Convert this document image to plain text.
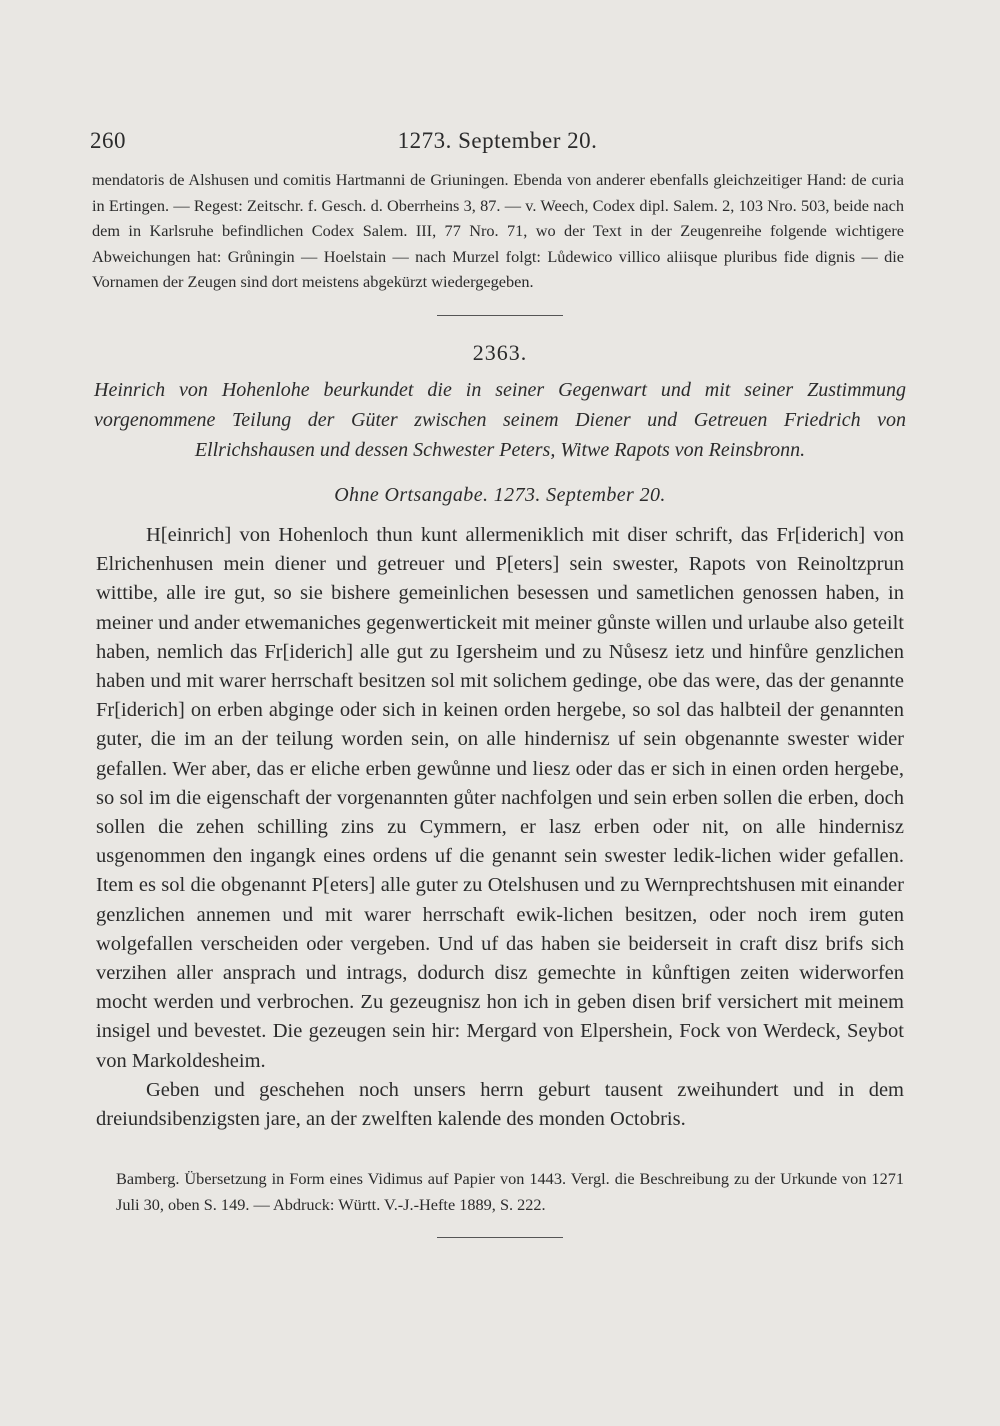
260	1273. September 20.

mendatoris de Alshusen und comitis Hartmanni de Griuningen. Ebenda von anderer ebenfalls gleichzeitiger Hand: de curia in Ertingen. — Regest: Zeitschr. f. Gesch. d. Oberrheins 3, 87. — v. Weech, Codex dipl. Salem. 2, 103 Nro. 503, beide nach dem in Karlsruhe befindlichen Codex Salem. III, 77 Nro. 71, wo der Text in der Zeugenreihe folgende wichtigere Abweichungen hat: Grůningin — Hoelstain — nach Murzel folgt: Lůdewico villico aliisque pluribus fide dignis — die Vornamen der Zeugen sind dort meistens abgekürzt wiedergegeben.

2363.
Heinrich von Hohenlohe beurkundet die in seiner Gegenwart und mit seiner Zustimmung vorgenommene Teilung der Güter zwischen seinem Diener und Getreuen Friedrich von Ellrichshausen und dessen Schwester Peters, Witwe Rapots von Reinsbronn.
Ohne Ortsangabe. 1273. September 20.

H[einrich] von Hohenloch thun kunt allermeniklich mit diser schrift, das Fr[iderich] von Elrichenhusen mein diener und getreuer und P[eters] sein swester, Rapots von Reinoltzprun wittibe, alle ire gut, so sie bishere gemeinlichen besessen und sametlichen genossen haben, in meiner und ander etwemaniches gegenwerticke​it mit meiner gůnste willen und urlaube also geteilt haben, nemlich das Fr[iderich] alle gut zu Igersheim und zu Nůsesz ietz und hinfůre genzlichen haben und mit warer herrschaft besitzen sol mit solichem gedinge, obe das were, das der genannte Fr[iderich] on erben abginge oder sich in keinen orden hergebe, so sol das halbteil der genannten guter, die im an der teilung worden sein, on alle hindernisz uf sein obgenannte swester wider gefallen. Wer aber, das er eliche erben gewůnne und liesz oder das er sich in einen orden hergebe, so sol im die eigenschaft der vorgenannten gůter nachfolgen und sein erben sollen die erben, doch sollen die zehen schilling zins zu Cymmern, er lasz erben oder nit, on alle hindernisz usgenommen den ingangk eines ordens uf die genannt sein swester ledik-lichen wider gefallen. Item es sol die obgenannt P[eters] alle guter zu Otelshusen und zu Wernprechtshusen mit einander genzlichen annemen und mit warer herrschaft ewik-lichen besitzen, oder noch irem guten wolgefallen verscheiden oder vergeben. Und uf das haben sie beiderseit in craft disz brifs sich verzihen aller ansprach und intrags, dodurch disz gemechte in kůnftigen zeiten widerworfen mocht werden und verbrochen. Zu gezeugnisz hon ich in geben disen brif versichert mit meinem insigel und bevestet. Die gezeugen sein hir: Mergard von Elpershein, Fock von Werdeck, Seybot von Markoldesheim.

Geben und geschehen noch unsers herrn geburt tausent zweihundert und in dem dreiundsibenzigsten jare, an der zwelften kalende des monden Octobris.

Bamberg. Übersetzung in Form eines Vidimus auf Papier von 1443. Vergl. die Beschreibung zu der Urkunde von 1271 Juli 30, oben S. 149. — Abdruck: Württ. V.-J.-Hefte 1889, S. 222.
